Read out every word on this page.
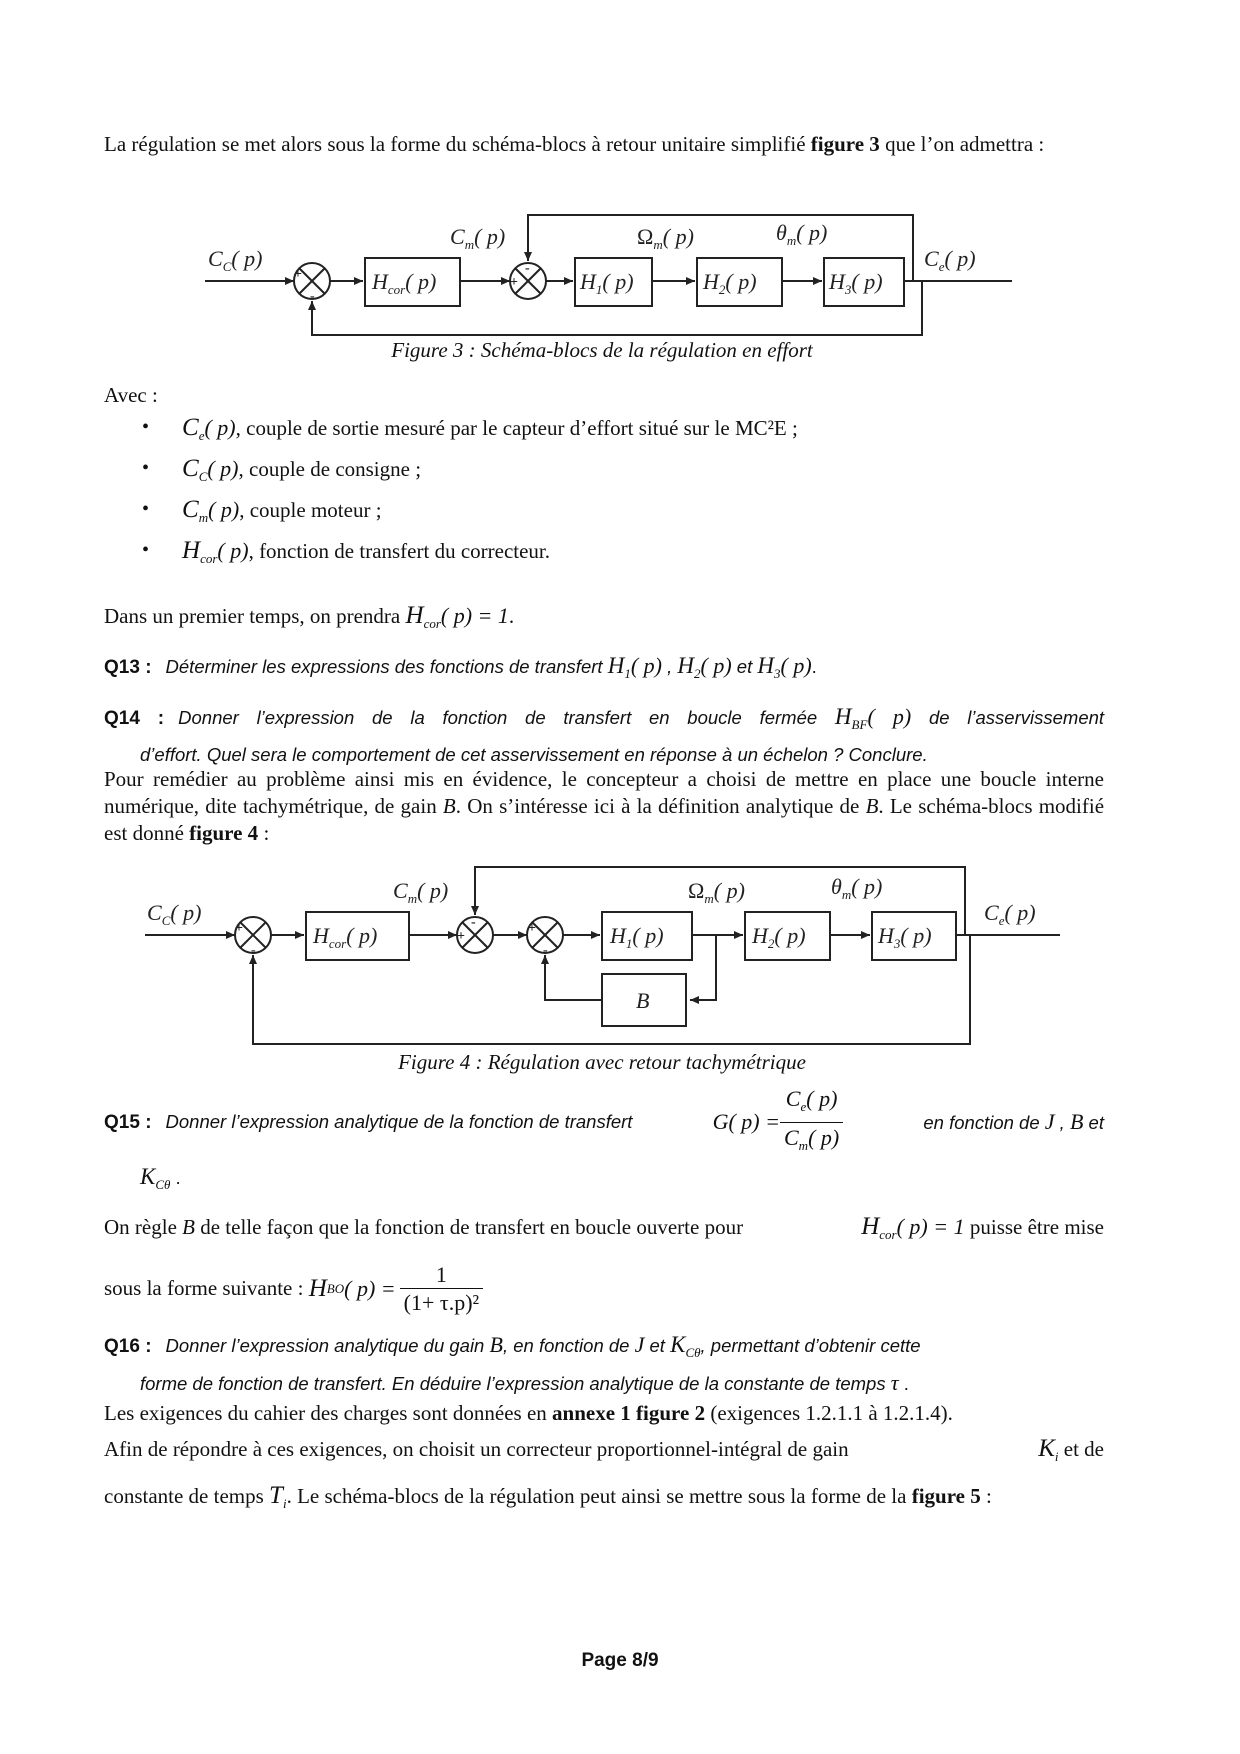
La régulation se met alors sous la forme du schéma-blocs à retour unitaire simplifié figure 3 que l’on admettra :
$C_C$( p)
$C_m$( p)	$\Omega_m$( p)	$\theta_m$( p)
$C_e$( p)
$H_{cor}$( p)	$H_1$( p)	$H_2$( p)	$H_3$( p)
+
-
+
-
Figure 3 : Schéma-blocs de la régulation en effort
Avec :
• $C_e$( p), couple de sortie mesuré par le capteur d’effort situé sur le MC²E ;
• $C_C$( p), couple de consigne ;
• $C_m$( p), couple moteur ;
• $H_{cor}$( p), fonction de transfert du correcteur.
Dans un premier temps, on prendra $H_{cor}$( p) = 1.
Q13 : Déterminer les expressions des fonctions de transfert $H_1$( p) , $H_2$( p) et $H_3$( p).
Q14 : Donner l’expression de la fonction de transfert en boucle fermée $H_{BF}$( p) de l’asservissement
d’effort. Quel sera le comportement de cet asservissement en réponse à un échelon ? Conclure.
Pour remédier au problème ainsi mis en évidence, le concepteur a choisi de mettre en place une boucle interne numérique, dite tachymétrique, de gain B. On s’intéresse ici à la définition analytique de B. Le schéma-blocs modifié est donné figure 4 :
$C_C$( p)
$C_m$( p)	$\Omega_m$( p)	$\theta_m$( p)
$C_e$( p)
$H_{cor}$( p)	$H_1$( p)	$H_2$( p)	$H_3$( p)
B
+
-
+
-	+
-
Figure 4 : Régulation avec retour tachymétrique
Q15 : Donner l’expression analytique de la fonction de transfert	G( $p) = \frac{C_e( p)}{C_m( p)}$	en fonction de J , B et
$K_{C\theta}$ .
On règle B de telle façon que la fonction de transfert en boucle ouverte pour	$H_{cor}$( p) = 1 puisse être mise
sous la forme suivante :
H BO ( $p) = \frac{1}{\text{(1+ τ.p)²}}$
Q16 : Donner l’expression analytique du gain B, en fonction de J et $K_{C\theta}$, permettant d’obtenir cette
forme de fonction de transfert. En déduire l’expression analytique de la constante de temps τ .
Les exigences du cahier des charges sont données en annexe 1 figure 2 (exigences 1.2.1.1 à 1.2.1.4).
Afin de répondre à ces exigences, on choisit un correcteur proportionnel-intégral de gain	$K_i$ et de
constante de temps $T_i$. Le schéma-blocs de la régulation peut ainsi se mettre sous la forme de la figure 5 :
Page 8/9
